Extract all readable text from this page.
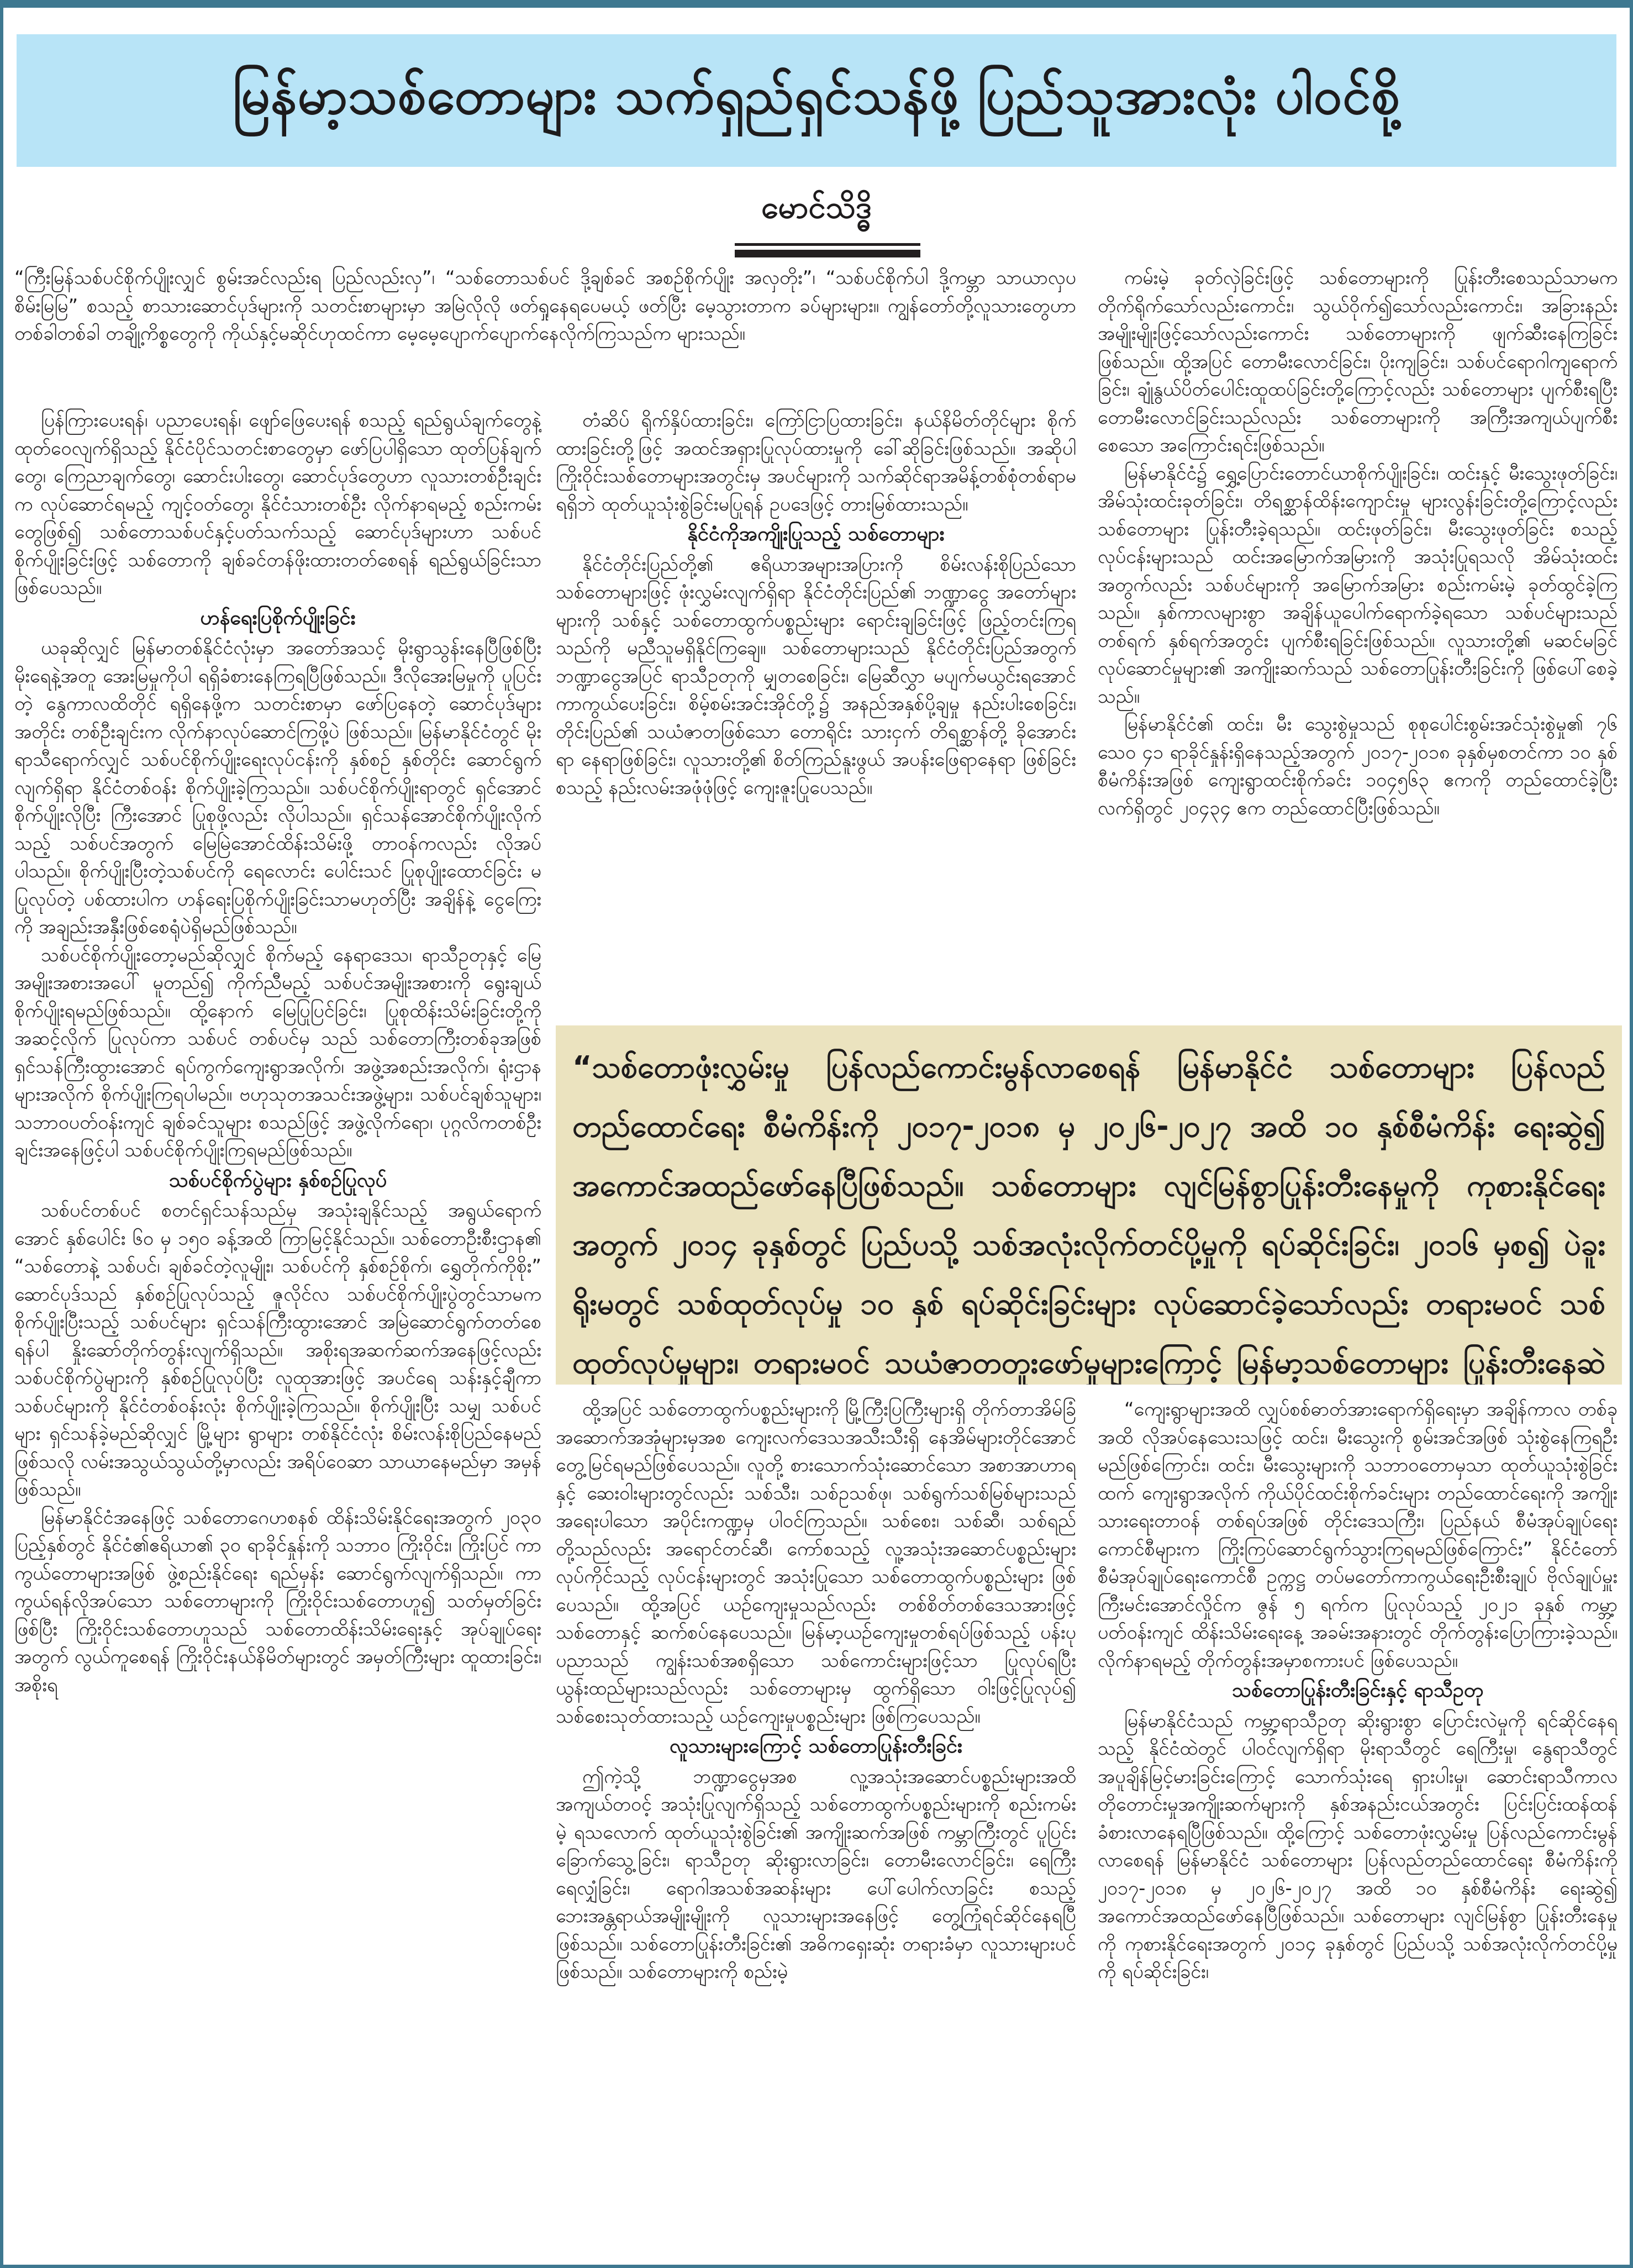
မြန်မာ့သစ်တောများ သက်ရှည်ရှင်သန်ဖို့ ပြည်သူအားလုံး ပါဝင်စို့
မောင်သိဒ္ဓိ

“ကြီးမြန်သစ်ပင်စိုက်ပျိုးလျှင် စွမ်းအင်လည်းရ ပြည်လည်းလှ”၊ “သစ်တောသစ်ပင် ဒို့ချစ်ခင် အစဉ်စိုက်ပျိုး အလှတိုး”၊ “သစ်ပင်စိုက်ပါ ဒို့ကမ္ဘာ သာယာလှပ စိမ်းမြမြ” စသည့် စာသားဆောင်ပုဒ်များကို သတင်းစာများမှာ အမြဲလိုလို ဖတ်ရှုနေရပေမယ့် ဖတ်ပြီး မေ့သွားတာက ခပ်များများ။ ကျွန်တော်တို့လူသားတွေဟာ တစ်ခါတစ်ခါ တချို့ကိစ္စတွေကို ကိုယ်နှင့်မဆိုင်ဟုထင်ကာ မေ့မေ့ပျောက်ပျောက်နေလိုက်ကြသည်က များသည်။

ပြန်ကြားပေးရန်၊ ပညာပေးရန်၊ ဖျော်ဖြေပေးရန် စသည့် ရည်ရွယ်ချက်တွေနဲ့ ထုတ်ဝေလျက်ရှိသည့် နိုင်ငံပိုင်သတင်းစာတွေမှာ ဖော်ပြပါရှိသော ထုတ်ပြန်ချက်တွေ၊ ကြေညာချက်တွေ၊ ဆောင်းပါးတွေ၊ ဆောင်ပုဒ်တွေဟာ လူသားတစ်ဦးချင်းက လုပ်ဆောင်ရမည့် ကျင့်ဝတ်တွေ၊ နိုင်ငံသားတစ်ဦး လိုက်နာရမည့် စည်းကမ်းတွေဖြစ်၍ သစ်တောသစ်ပင်နှင့်ပတ်သက်သည့် ဆောင်ပုဒ်များဟာ သစ်ပင်စိုက်ပျိုးခြင်းဖြင့် သစ်တောကို ချစ်ခင်တန်ဖိုးထားတတ်စေရန် ရည်ရွယ်ခြင်းသာ ဖြစ်ပေသည်။

ဟန်ရေးပြစိုက်ပျိုးခြင်း

ယခုဆိုလျှင် မြန်မာတစ်နိုင်ငံလုံးမှာ အတော်အသင့် မိုးရွာသွန်းနေပြီဖြစ်ပြီး မိုးရေနဲ့အတူ အေးမြမှုကိုပါ ရရှိခံစားနေကြရပြီဖြစ်သည်။ ဒီလိုအေးမြမှုကို ပူပြင်းတဲ့ နွေကာလထိတိုင် ရရှိနေဖို့က သတင်းစာမှာ ဖော်ပြနေတဲ့ ဆောင်ပုဒ်များအတိုင်း တစ်ဦးချင်းက လိုက်နာလုပ်ဆောင်ကြဖို့ပဲ ဖြစ်သည်။ မြန်မာနိုင်ငံတွင် မိုးရာသီရောက်လျှင် သစ်ပင်စိုက်ပျိုးရေးလုပ်ငန်းကို နှစ်စဉ် နှစ်တိုင်း ဆောင်ရွက်လျက်ရှိရာ နိုင်ငံတစ်ဝန်း စိုက်ပျိုးခဲ့ကြသည်။ သစ်ပင်စိုက်ပျိုးရာတွင် ရှင်အောင်စိုက်ပျိုးလိုပြီး ကြီးအောင် ပြုစုဖို့လည်း လိုပါသည်။ ရှင်သန်အောင်စိုက်ပျိုးလိုက်သည့် သစ်ပင်အတွက် မြေမြဲအောင်ထိန်းသိမ်းဖို့ တာဝန်ကလည်း လိုအပ်ပါသည်။ စိုက်ပျိုးပြီးတဲ့သစ်ပင်ကို ရေလောင်း ပေါင်းသင် ပြုစုပျိုးထောင်ခြင်း မပြုလုပ်တဲ့ ပစ်ထားပါက ဟန်ရေးပြစိုက်ပျိုးခြင်းသာမဟုတ်ပြီး အချိန်နဲ့ ငွေကြေးကို အချည်းအနှီးဖြစ်စေရုံပဲရှိမည်ဖြစ်သည်။

သစ်ပင်စိုက်ပျိုးတော့မည်ဆိုလျှင် စိုက်မည့် နေရာဒေသ၊ ရာသီဥတုနှင့် မြေအမျိုးအစားအပေါ် မူတည်၍ ကိုက်ညီမည့် သစ်ပင်အမျိုးအစားကို ရွေးချယ်စိုက်ပျိုးရမည်ဖြစ်သည်။ ထို့နောက် မြေပြုပြင်ခြင်း၊ ပြုစုထိန်းသိမ်းခြင်းတို့ကို အဆင့်လိုက် ပြုလုပ်ကာ သစ်ပင် တစ်ပင်မှ သည် သစ်တောကြီးတစ်ခုအဖြစ် ရှင်သန်ကြီးထွားအောင် ရပ်ကွက်ကျေးရွာအလိုက်၊ အဖွဲ့အစည်းအလိုက်၊ ရုံးဌာနများအလိုက် စိုက်ပျိုးကြရပါမည်။ ဗဟုသုတအသင်းအဖွဲ့များ၊ သစ်ပင်ချစ်သူများ၊ သဘာဝပတ်ဝန်းကျင် ချစ်ခင်သူများ စသည်ဖြင့် အဖွဲ့လိုက်ရော၊ ပုဂ္ဂလိကတစ်ဦးချင်းအနေဖြင့်ပါ သစ်ပင်စိုက်ပျိုးကြရမည်ဖြစ်သည်။

သစ်ပင်စိုက်ပွဲများ နှစ်စဉ်ပြုလုပ်

သစ်ပင်တစ်ပင် စတင်ရှင်သန်သည်မှ အသုံးချနိုင်သည့် အရွယ်ရောက်အောင် နှစ်ပေါင်း ၆၀ မှ ၁၅၀ ခန့်အထိ ကြာမြင့်နိုင်သည်။ သစ်တောဦးစီးဌာန၏ “သစ်တောနဲ့ သစ်ပင်၊ ချစ်ခင်တဲ့လူမျိုး၊ သစ်ပင်ကို နှစ်စဉ်စိုက်၊ ရွှေတိုက်ကိုစိုး” ဆောင်ပုဒ်သည် နှစ်စဉ်ပြုလုပ်သည့် ဇူလိုင်လ သစ်ပင်စိုက်ပျိုးပွဲတွင်သာမက စိုက်ပျိုးပြီးသည့် သစ်ပင်များ ရှင်သန်ကြီးထွားအောင် အမြဲဆောင်ရွက်တတ်စေရန်ပါ နှိုးဆော်တိုက်တွန်းလျက်ရှိသည်။ အစိုးရအဆက်ဆက်အနေဖြင့်လည်း သစ်ပင်စိုက်ပွဲများကို နှစ်စဉ်ပြုလုပ်ပြီး လူထုအားဖြင့် အပင်ရေ သန်းနှင့်ချီကာ သစ်ပင်များကို နိုင်ငံတစ်ဝန်းလုံး စိုက်ပျိုးခဲ့ကြသည်။ စိုက်ပျိုးပြီး သမျှ သစ်ပင်များ ရှင်သန်ခဲ့မည်ဆိုလျှင် မြို့များ ရွာများ တစ်နိုင်ငံလုံး စိမ်းလန်းစိုပြည်နေမည်ဖြစ်သလို လမ်းအသွယ်သွယ်တို့မှာလည်း အရိပ်ဝေဆာ သာယာနေမည်မှာ အမှန်ဖြစ်သည်။

မြန်မာနိုင်ငံအနေဖြင့် သစ်တောဂေဟစနစ် ထိန်းသိမ်းနိုင်ရေးအတွက် ၂၀၃၀ ပြည့်နှစ်တွင် နိုင်ငံ၏ဧရိယာ၏ ၃၀ ရာခိုင်နှုန်းကို သဘာဝ ကြိုးဝိုင်း၊ ကြိုးပြင် ကာကွယ်တောများအဖြစ် ဖွဲ့စည်းနိုင်ရေး ရည်မှန်း ဆောင်ရွက်လျက်ရှိသည်။ ကာကွယ်ရန်လိုအပ်သော သစ်တောများကို ကြိုးဝိုင်းသစ်တောဟူ၍ သတ်မှတ်ခြင်းဖြစ်ပြီး ကြိုးဝိုင်းသစ်တောဟူသည် သစ်တောထိန်းသိမ်းရေးနှင့် အုပ်ချုပ်ရေးအတွက် လွယ်ကူစေရန် ကြိုးဝိုင်းနယ်နိမိတ်များတွင် အမှတ်ကြီးများ ထူထားခြင်း၊ အစိုးရ

တံဆိပ် ရိုက်နှိပ်ထားခြင်း၊ ကြော်ငြာပြထားခြင်း၊ နယ်နိမိတ်တိုင်များ စိုက်ထားခြင်းတို့ဖြင့် အထင်အရှားပြုလုပ်ထားမှုကို ခေါ်ဆိုခြင်းဖြစ်သည်။ အဆိုပါ ကြိုးဝိုင်းသစ်တောများအတွင်းမှ အပင်များကို သက်ဆိုင်ရာအမိန့်တစ်စုံတစ်ရာမရရှိဘဲ ထုတ်ယူသုံးစွဲခြင်းမပြုရန် ဥပဒေဖြင့် တားမြစ်ထားသည်။

နိုင်ငံကိုအကျိုးပြုသည့် သစ်တောများ

နိုင်ငံတိုင်းပြည်တို့၏ ဧရိယာအများအပြားကို စိမ်းလန်းစိုပြည်သော သစ်တောများဖြင့် ဖုံးလွှမ်းလျက်ရှိရာ နိုင်ငံတိုင်းပြည်၏ ဘဏ္ဍာငွေ အတော်များများကို သစ်နှင့် သစ်တောထွက်ပစ္စည်းများ ရောင်းချခြင်းဖြင့် ဖြည့်တင်းကြရသည်ကို မညီသူမရှိနိုင်ကြချေ။ သစ်တောများသည် နိုင်ငံတိုင်းပြည်အတွက် ဘဏ္ဍာငွေအပြင် ရာသီဥတုကို မျှတစေခြင်း၊ မြေဆီလွှာ မပျက်မယွင်းရအောင် ကာကွယ်ပေးခြင်း၊ စိမ့်စမ်းအင်းအိုင်တို့၌ အနည်အနှစ်ပို့ချမှု နည်းပါးစေခြင်း၊ တိုင်းပြည်၏ သယံဇာတဖြစ်သော တောရိုင်း သားငှက် တိရစ္ဆာန်တို့ ခိုအောင်းရာ နေရာဖြစ်ခြင်း၊ လူသားတို့၏ စိတ်ကြည်နူးဖွယ် အပန်းဖြေရာနေရာ ဖြစ်ခြင်းစသည့် နည်းလမ်းအဖုံဖုံဖြင့် ကျေးဇူးပြုပေသည်။

“သစ်တောဖုံးလွှမ်းမှု ပြန်လည်ကောင်းမွန်လာစေရန် မြန်မာနိုင်ငံ သစ်တောများ ပြန်လည်တည်ထောင်ရေး စီမံကိန်းကို ၂၀၁၇-၂၀၁၈ မှ ၂၀၂၆-၂၀၂၇ အထိ ၁၀ နှစ်စီမံကိန်း ရေးဆွဲ၍ အကောင်အထည်ဖော်နေပြီဖြစ်သည်။ သစ်တောများ လျင်မြန်စွာပြုန်းတီးနေမှုကို ကုစားနိုင်ရေးအတွက် ၂၀၁၄ ခုနှစ်တွင် ပြည်ပသို့ သစ်အလုံးလိုက်တင်ပို့မှုကို ရပ်ဆိုင်းခြင်း၊ ၂၀၁၆ မှစ၍ ပဲခူးရိုးမတွင် သစ်ထုတ်လုပ်မှု ၁၀ နှစ် ရပ်ဆိုင်းခြင်းများ လုပ်ဆောင်ခဲ့သော်လည်း တရားမဝင် သစ်ထုတ်လုပ်မှုများ၊ တရားမဝင် သယံဇာတတူးဖော်မှုများကြောင့် မြန်မာ့သစ်တောများ ပြုန်းတီးနေဆဲ

ထို့အပြင် သစ်တောထွက်ပစ္စည်းများကို မြို့ကြီးပြကြီးများရှိ တိုက်တာအိမ်ခြံ အဆောက်အအုံများမှအစ ကျေးလက်ဒေသအသီးသီးရှိ နေအိမ်များတိုင်အောင် တွေ့မြင်ရမည်ဖြစ်ပေသည်။ လူတို့ စားသောက်သုံးဆောင်သော အစာအာဟာရနှင့် ဆေးဝါးများတွင်လည်း သစ်သီး၊ သစ်ဥသစ်ဖု၊ သစ်ရွက်သစ်မြစ်များသည် အရေးပါသော အပိုင်းကဏ္ဍမှ ပါဝင်ကြသည်။ သစ်စေး၊ သစ်ဆီ၊ သစ်ရည်တို့သည်လည်း အရောင်တင်ဆီ၊ ကော်စသည့် လူ့အသုံးအဆောင်ပစ္စည်းများ လုပ်ကိုင်သည့် လုပ်ငန်းများတွင် အသုံးပြုသော သစ်တောထွက်ပစ္စည်းများ ဖြစ်ပေသည်။ ထို့အပြင် ယဉ်ကျေးမှုသည်လည်း တစ်စိတ်တစ်ဒေသအားဖြင့် သစ်တောနှင့် ဆက်စပ်နေပေသည်။ မြန်မာ့ယဉ်ကျေးမှုတစ်ရပ်ဖြစ်သည့် ပန်းပုပညာသည် ကျွန်းသစ်အစရှိသော သစ်ကောင်းများဖြင့်သာ ပြုလုပ်ရပြီး ယွန်းထည်များသည်လည်း သစ်တောများမှ ထွက်ရှိသော ဝါးဖြင့်ပြုလုပ်၍ သစ်စေးသုတ်ထားသည့် ယဉ်ကျေးမှုပစ္စည်းများ ဖြစ်ကြပေသည်။

လူသားများကြောင့် သစ်တောပြုန်းတီးခြင်း

ဤကဲ့သို့ ဘဏ္ဍာငွေမှအစ လူ့အသုံးအဆောင်ပစ္စည်းများအထိ အကျယ်တဝင့် အသုံးပြုလျက်ရှိသည့် သစ်တောထွက်ပစ္စည်းများကို စည်းကမ်းမဲ့ ရသလောက် ထုတ်ယူသုံးစွဲခြင်း၏ အကျိုးဆက်အဖြစ် ကမ္ဘာကြီးတွင် ပူပြင်းခြောက်သွေ့ခြင်း၊ ရာသီဥတု ဆိုးရွားလာခြင်း၊ တောမီးလောင်ခြင်း၊ ရေကြီးရေလျှံခြင်း၊ ရောဂါအသစ်အဆန်းများ ပေါ်ပေါက်လာခြင်း စသည့် ဘေးအန္တရာယ်အမျိုးမျိုးကို လူသားများအနေဖြင့် တွေ့ကြုံရင်ဆိုင်နေရပြီဖြစ်သည်။ သစ်တောပြုန်းတီးခြင်း၏ အဓိကရှေးဆုံး တရားခံမှာ လူသားများပင်ဖြစ်သည်။ သစ်တောများကို စည်းမဲ့

ကမ်းမဲ့ ခုတ်လှဲခြင်းဖြင့် သစ်တောများကို ပြုန်းတီးစေသည်သာမက တိုက်ရိုက်သော်လည်းကောင်း၊ သွယ်ဝိုက်၍သော်လည်းကောင်း၊ အခြားနည်းအမျိုးမျိုးဖြင့်သော်လည်းကောင်း သစ်တောများကို ဖျက်ဆီးနေကြခြင်း ဖြစ်သည်။ ထို့အပြင် တောမီးလောင်ခြင်း၊ ပိုးကျခြင်း၊ သစ်ပင်ရောဂါကျရောက်ခြင်း၊ ချုံနွယ်ပိတ်ပေါင်းထူထပ်ခြင်းတို့ကြောင့်လည်း သစ်တောများ ပျက်စီးရပြီး တောမီးလောင်ခြင်းသည်လည်း သစ်တောများကို အကြီးအကျယ်ပျက်စီးစေသော အကြောင်းရင်းဖြစ်သည်။

မြန်မာနိုင်ငံ၌ ရွှေ့ပြောင်းတောင်ယာစိုက်ပျိုးခြင်း၊ ထင်းနှင့် မီးသွေးဖုတ်ခြင်း၊ အိမ်သုံးထင်းခုတ်ခြင်း၊ တိရစ္ဆာန်ထိန်းကျောင်းမှု များလွန်းခြင်းတို့ကြောင့်လည်း သစ်တောများ ပြုန်းတီးခဲ့ရသည်။ ထင်းဖုတ်ခြင်း၊ မီးသွေးဖုတ်ခြင်း စသည့် လုပ်ငန်းများသည် ထင်းအမြောက်အမြားကို အသုံးပြုရသလို အိမ်သုံးထင်းအတွက်လည်း သစ်ပင်များကို အမြောက်အမြား စည်းကမ်းမဲ့ ခုတ်ထွင်ခဲ့ကြသည်။ နှစ်ကာလများစွာ အချိန်ယူပေါက်ရောက်ခဲ့ရသော သစ်ပင်များသည် တစ်ရက် နှစ်ရက်အတွင်း ပျက်စီးရခြင်းဖြစ်သည်။ လူသားတို့၏ မဆင်မခြင်လုပ်ဆောင်မှုများ၏ အကျိုးဆက်သည် သစ်တောပြုန်းတီးခြင်းကို ဖြစ်ပေါ်စေခဲ့သည်။

မြန်မာနိုင်ငံ၏ ထင်း၊ မီး သွေးစွဲမှုသည် စုစုပေါင်းစွမ်းအင်သုံးစွဲမှု၏ ၇၆ သေဝ ၄၁ ရာခိုင်နှုန်းရှိနေသည့်အတွက် ၂၀၁၇-၂၀၁၈ ခုနှစ်မှစတင်ကာ ၁၀ နှစ်စီမံကိန်းအဖြစ် ကျေးရွာထင်းစိုက်ခင်း ၁၀၄၅၆၃ ဧကကို တည်ထောင်ခဲ့ပြီး လက်ရှိတွင် ၂၀၄၃၄ ဧက တည်ထောင်ပြီးဖြစ်သည်။

“ကျေးရွာများအထိ လျှပ်စစ်ဓာတ်အားရောက်ရှိရေးမှာ အချိန်ကာလ တစ်ခုအထိ လိုအပ်နေသေးသဖြင့် ထင်း၊ မီးသွေးကို စွမ်းအင်အဖြစ် သုံးစွဲနေကြရဦးမည်ဖြစ်ကြောင်း၊ ထင်း၊ မီးသွေးများကို သဘာဝတောမှသာ ထုတ်ယူသုံးစွဲခြင်းထက် ကျေးရွာအလိုက် ကိုယ်ပိုင်ထင်းစိုက်ခင်းများ တည်ထောင်ရေးကို အကျိုးသားရေးတာဝန် တစ်ရပ်အဖြစ် တိုင်းဒေသကြီး၊ ပြည်နယ် စီမံအုပ်ချုပ်ရေးကောင်စီများက ကြိုးကြပ်ဆောင်ရွက်သွားကြရမည်ဖြစ်ကြောင်း” နိုင်ငံတော် စီမံအုပ်ချုပ်ရေးကောင်စီ ဥက္ကဋ္ဌ တပ်မတော်ကာကွယ်ရေးဦးစီးချုပ် ဗိုလ်ချုပ်မှူးကြီးမင်းအောင်လှိုင်က ဇွန် ၅ ရက်က ပြုလုပ်သည့် ၂၀၂၁ ခုနှစ် ကမ္ဘာ့ပတ်ဝန်းကျင် ထိန်းသိမ်းရေးနေ့ အခမ်းအနားတွင် တိုက်တွန်းပြောကြားခဲ့သည်။ လိုက်နာရမည့် တိုက်တွန်းအမှာစကားပင် ဖြစ်ပေသည်။

သစ်တောပြုန်းတီးခြင်းနှင့် ရာသီဥတု

မြန်မာနိုင်ငံသည် ကမ္ဘာ့ရာသီဥတု ဆိုးရွားစွာ ပြောင်းလဲမှုကို ရင်ဆိုင်နေရသည့် နိုင်ငံထဲတွင် ပါဝင်လျက်ရှိရာ မိုးရာသီတွင် ရေကြီးမှု၊ နွေရာသီတွင် အပူချိန်မြင့်မားခြင်းကြောင့် သောက်သုံးရေ ရှားပါးမှု၊ ဆောင်းရာသီကာလတိုတောင်းမှုအကျိုးဆက်များကို နှစ်အနည်းငယ်အတွင်း ပြင်းပြင်းထန်ထန် ခံစားလာနေရပြီဖြစ်သည်။ ထို့ကြောင့် သစ်တောဖုံးလွှမ်းမှု ပြန်လည်ကောင်းမွန်လာစေရန် မြန်မာနိုင်ငံ သစ်တောများ ပြန်လည်တည်ထောင်ရေး စီမံကိန်းကို ၂၀၁၇-၂၀၁၈ မှ ၂၀၂၆-၂၀၂၇ အထိ ၁၀ နှစ်စီမံကိန်း ရေးဆွဲ၍ အကောင်အထည်ဖော်နေပြီဖြစ်သည်။ သစ်တောများ လျင်မြန်စွာ ပြုန်းတီးနေမှုကို ကုစားနိုင်ရေးအတွက် ၂၀၁၄ ခုနှစ်တွင် ပြည်ပသို့ သစ်အလုံးလိုက်တင်ပို့မှုကို ရပ်ဆိုင်းခြင်း၊
